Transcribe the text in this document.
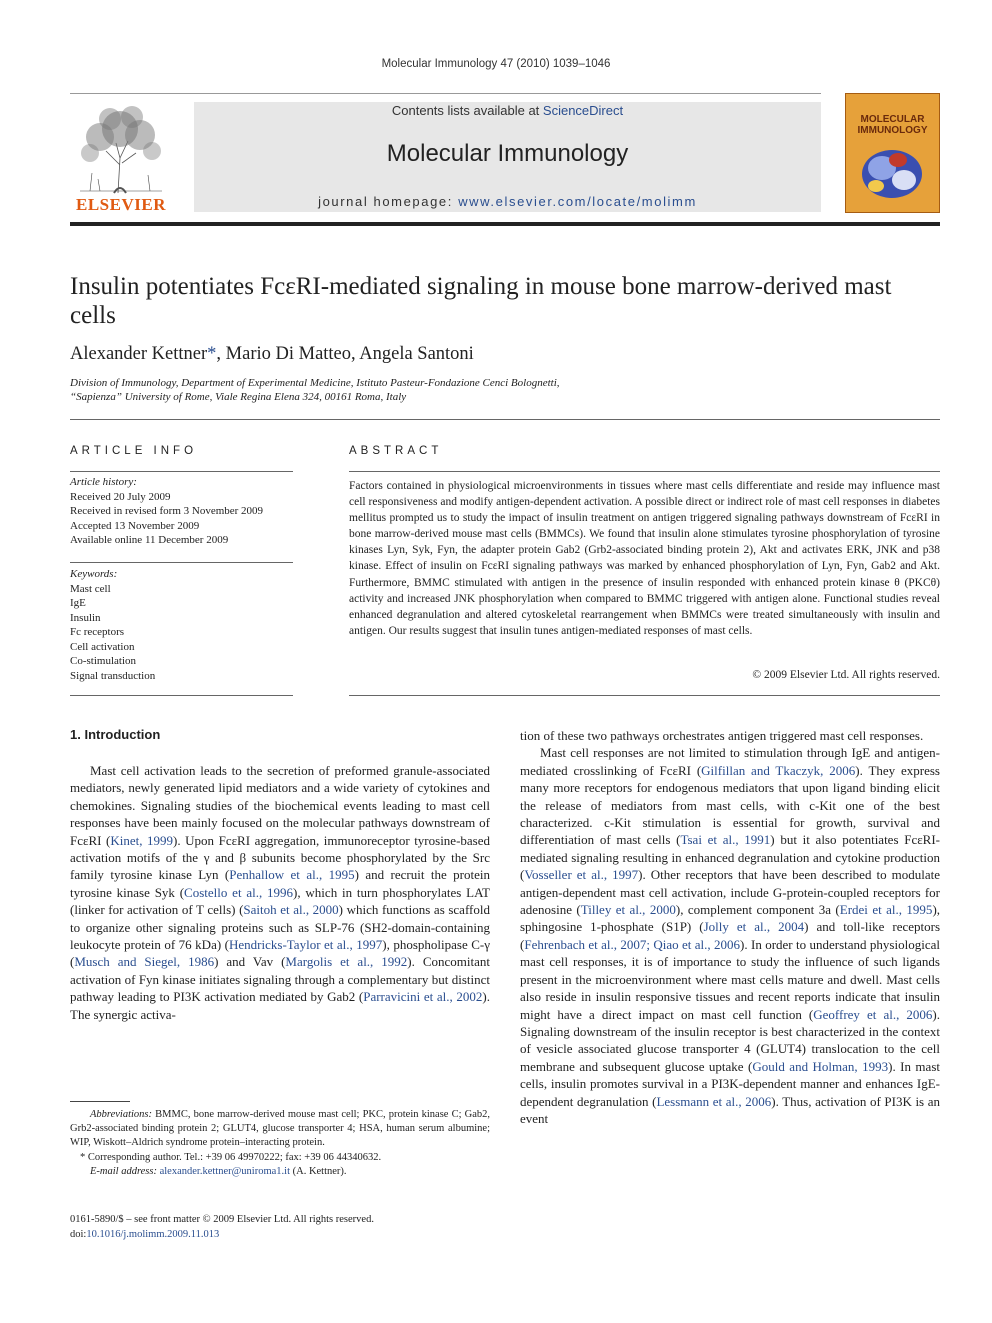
Molecular Immunology 47 (2010) 1039–1046
ELSEVIER
Contents lists available at ScienceDirect
Molecular Immunology
journal homepage: www.elsevier.com/locate/molimm
MOLECULAR IMMUNOLOGY
Insulin potentiates FcεRI-mediated signaling in mouse bone marrow-derived mast cells
Alexander Kettner*, Mario Di Matteo, Angela Santoni
Division of Immunology, Department of Experimental Medicine, Istituto Pasteur-Fondazione Cenci Bolognetti,
“Sapienza” University of Rome, Viale Regina Elena 324, 00161 Roma, Italy
ARTICLE INFO
Article history:
Received 20 July 2009
Received in revised form 3 November 2009
Accepted 13 November 2009
Available online 11 December 2009
Keywords:
Mast cell
IgE
Insulin
Fc receptors
Cell activation
Co-stimulation
Signal transduction
ABSTRACT
Factors contained in physiological microenvironments in tissues where mast cells differentiate and reside may influence mast cell responsiveness and modify antigen-dependent activation. A possible direct or indirect role of mast cell responses in diabetes mellitus prompted us to study the impact of insulin treatment on antigen triggered signaling pathways downstream of FcεRI in bone marrow-derived mouse mast cells (BMMCs). We found that insulin alone stimulates tyrosine phosphorylation of tyrosine kinases Lyn, Syk, Fyn, the adapter protein Gab2 (Grb2-associated binding protein 2), Akt and activates ERK, JNK and p38 kinase. Effect of insulin on FcεRI signaling pathways was marked by enhanced phosphorylation of Lyn, Fyn, Gab2 and Akt. Furthermore, BMMC stimulated with antigen in the presence of insulin responded with enhanced protein kinase θ (PKCθ) activity and increased JNK phosphorylation when compared to BMMC triggered with antigen alone. Functional studies reveal enhanced degranulation and altered cytoskeletal rearrangement when BMMCs were treated simultaneously with insulin and antigen. Our results suggest that insulin tunes antigen-mediated responses of mast cells.
© 2009 Elsevier Ltd. All rights reserved.
1. Introduction

Mast cell activation leads to the secretion of preformed granule-associated mediators, newly generated lipid mediators and a wide variety of cytokines and chemokines. Signaling studies of the biochemical events leading to mast cell responses have been mainly focused on the molecular pathways downstream of FcεRI (Kinet, 1999). Upon FcεRI aggregation, immunoreceptor tyrosine-based activation motifs of the γ and β subunits become phosphorylated by the Src family tyrosine kinase Lyn (Penhallow et al., 1995) and recruit the protein tyrosine kinase Syk (Costello et al., 1996), which in turn phosphorylates LAT (linker for activation of T cells) (Saitoh et al., 2000) which functions as scaffold to organize other signaling proteins such as SLP-76 (SH2-domain-containing leukocyte protein of 76 kDa) (Hendricks-Taylor et al., 1997), phospholipase C-γ (Musch and Siegel, 1986) and Vav (Margolis et al., 1992). Concomitant activation of Fyn kinase initiates signaling through a complementary but distinct pathway leading to PI3K activation mediated by Gab2 (Parravicini et al., 2002). The synergic activa-

tion of these two pathways orchestrates antigen triggered mast cell responses.

Mast cell responses are not limited to stimulation through IgE and antigen-mediated crosslinking of FcεRI (Gilfillan and Tkaczyk, 2006). They express many more receptors for endogenous mediators that upon ligand binding elicit the release of mediators from mast cells, with c-Kit one of the best characterized. c-Kit stimulation is essential for growth, survival and differentiation of mast cells (Tsai et al., 1991) but it also potentiates FcεRI-mediated signaling resulting in enhanced degranulation and cytokine production (Vosseller et al., 1997). Other receptors that have been described to modulate antigen-dependent mast cell activation, include G-protein-coupled receptors for adenosine (Tilley et al., 2000), complement component 3a (Erdei et al., 1995), sphingosine 1-phosphate (S1P) (Jolly et al., 2004) and toll-like receptors (Fehrenbach et al., 2007; Qiao et al., 2006). In order to understand physiological mast cell responses, it is of importance to study the influence of such ligands present in the microenvironment where mast cells mature and dwell. Mast cells also reside in insulin responsive tissues and recent reports indicate that insulin might have a direct impact on mast cell function (Geoffrey et al., 2006). Signaling downstream of the insulin receptor is best characterized in the context of vesicle associated glucose transporter 4 (GLUT4) translocation to the cell membrane and subsequent glucose uptake (Gould and Holman, 1993). In mast cells, insulin promotes survival in a PI3K-dependent manner and enhances IgE-dependent degranulation (Lessmann et al., 2006). Thus, activation of PI3K is an event

Abbreviations: BMMC, bone marrow-derived mouse mast cell; PKC, protein kinase C; Gab2, Grb2-associated binding protein 2; GLUT4, glucose transporter 4; HSA, human serum albumine; WIP, Wiskott–Aldrich syndrome protein–interacting protein.

* Corresponding author. Tel.: +39 06 49970222; fax: +39 06 44340632.

E-mail address: alexander.kettner@uniroma1.it (A. Kettner).

0161-5890/$ – see front matter © 2009 Elsevier Ltd. All rights reserved.
doi:10.1016/j.molimm.2009.11.013
